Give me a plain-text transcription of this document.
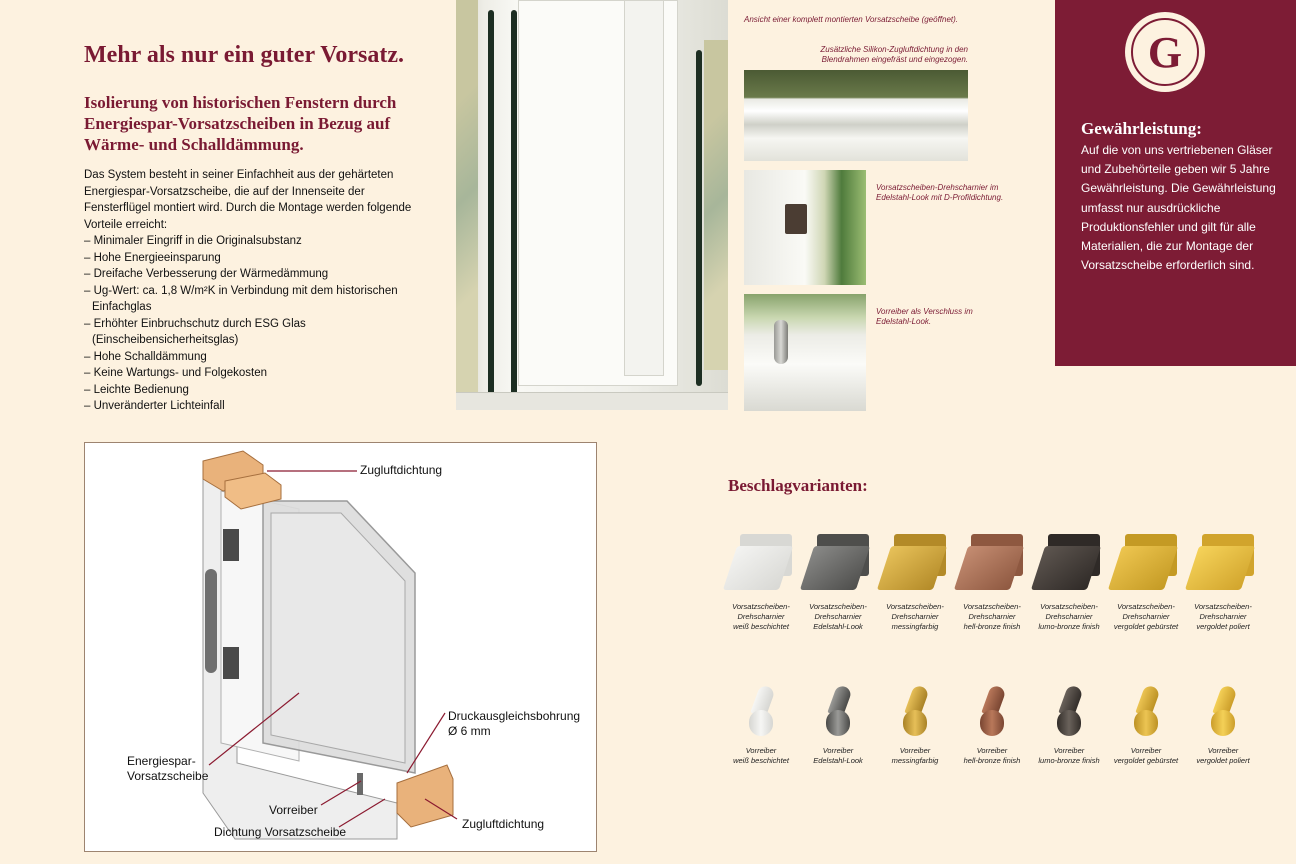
Mehr als nur ein guter Vorsatz.
Isolierung von historischen Fenstern durch Energiespar-Vorsatzscheiben in Bezug auf Wärme- und Schalldämmung.

Das System besteht in seiner Einfachheit aus der gehärteten Energiespar-Vorsatzscheibe, die auf der Innenseite der Fensterflügel montiert wird. Durch die Montage werden folgende Vorteile erreicht:

– Minimaler Eingriff in die Originalsubstanz
– Hohe Energieeinsparung
– Dreifache Verbesserung der Wärmedämmung
– Ug-Wert: ca. 1,8 W/m²K in Verbindung mit dem historischen Einfachglas
– Erhöhter Einbruchschutz durch ESG Glas (Einscheibensicherheitsglas)
– Hohe Schalldämmung
– Keine Wartungs- und Folgekosten
– Leichte Bedienung
– Unveränderter Lichteinfall
Ansicht einer komplett montierten Vorsatzscheibe (geöffnet).
Zusätzliche Silikon-Zugluftdichtung in den Blendrahmen eingefräst und eingezogen.
Vorsatzscheiben-Drehscharnier im Edelstahl-Look mit D-Profildichtung.
Vorreiber als Verschluss im Edelstahl-Look.
G
Gewährleistung:
Auf die von uns vertriebenen Gläser und Zubehörteile geben wir 5 Jahre Gewährleistung. Die Gewährleistung umfasst nur ausdrückliche Produktionsfehler und gilt für alle Materialien, die zur Montage der Vorsatzscheibe erforderlich sind.
Zugluftdichtung
Druckausgleichsbohrung
Ø 6 mm
Energiespar-
Vorsatzscheibe
Vorreiber
Dichtung Vorsatzscheibe
Zugluftdichtung
Beschlagvarianten:
Vorsatzscheiben-
Drehscharnier
weiß beschichtet
Vorsatzscheiben-
Drehscharnier
Edelstahl-Look
Vorsatzscheiben-
Drehscharnier
messingfarbig
Vorsatzscheiben-
Drehscharnier
hell-bronze finish
Vorsatzscheiben-
Drehscharnier
lumo-bronze finish
Vorsatzscheiben-
Drehscharnier
vergoldet gebürstet
Vorsatzscheiben-
Drehscharnier
vergoldet poliert
Vorreiber
weiß beschichtet
Vorreiber
Edelstahl-Look
Vorreiber
messingfarbig
Vorreiber
hell-bronze finish
Vorreiber
lumo-bronze finish
Vorreiber
vergoldet gebürstet
Vorreiber
vergoldet poliert
